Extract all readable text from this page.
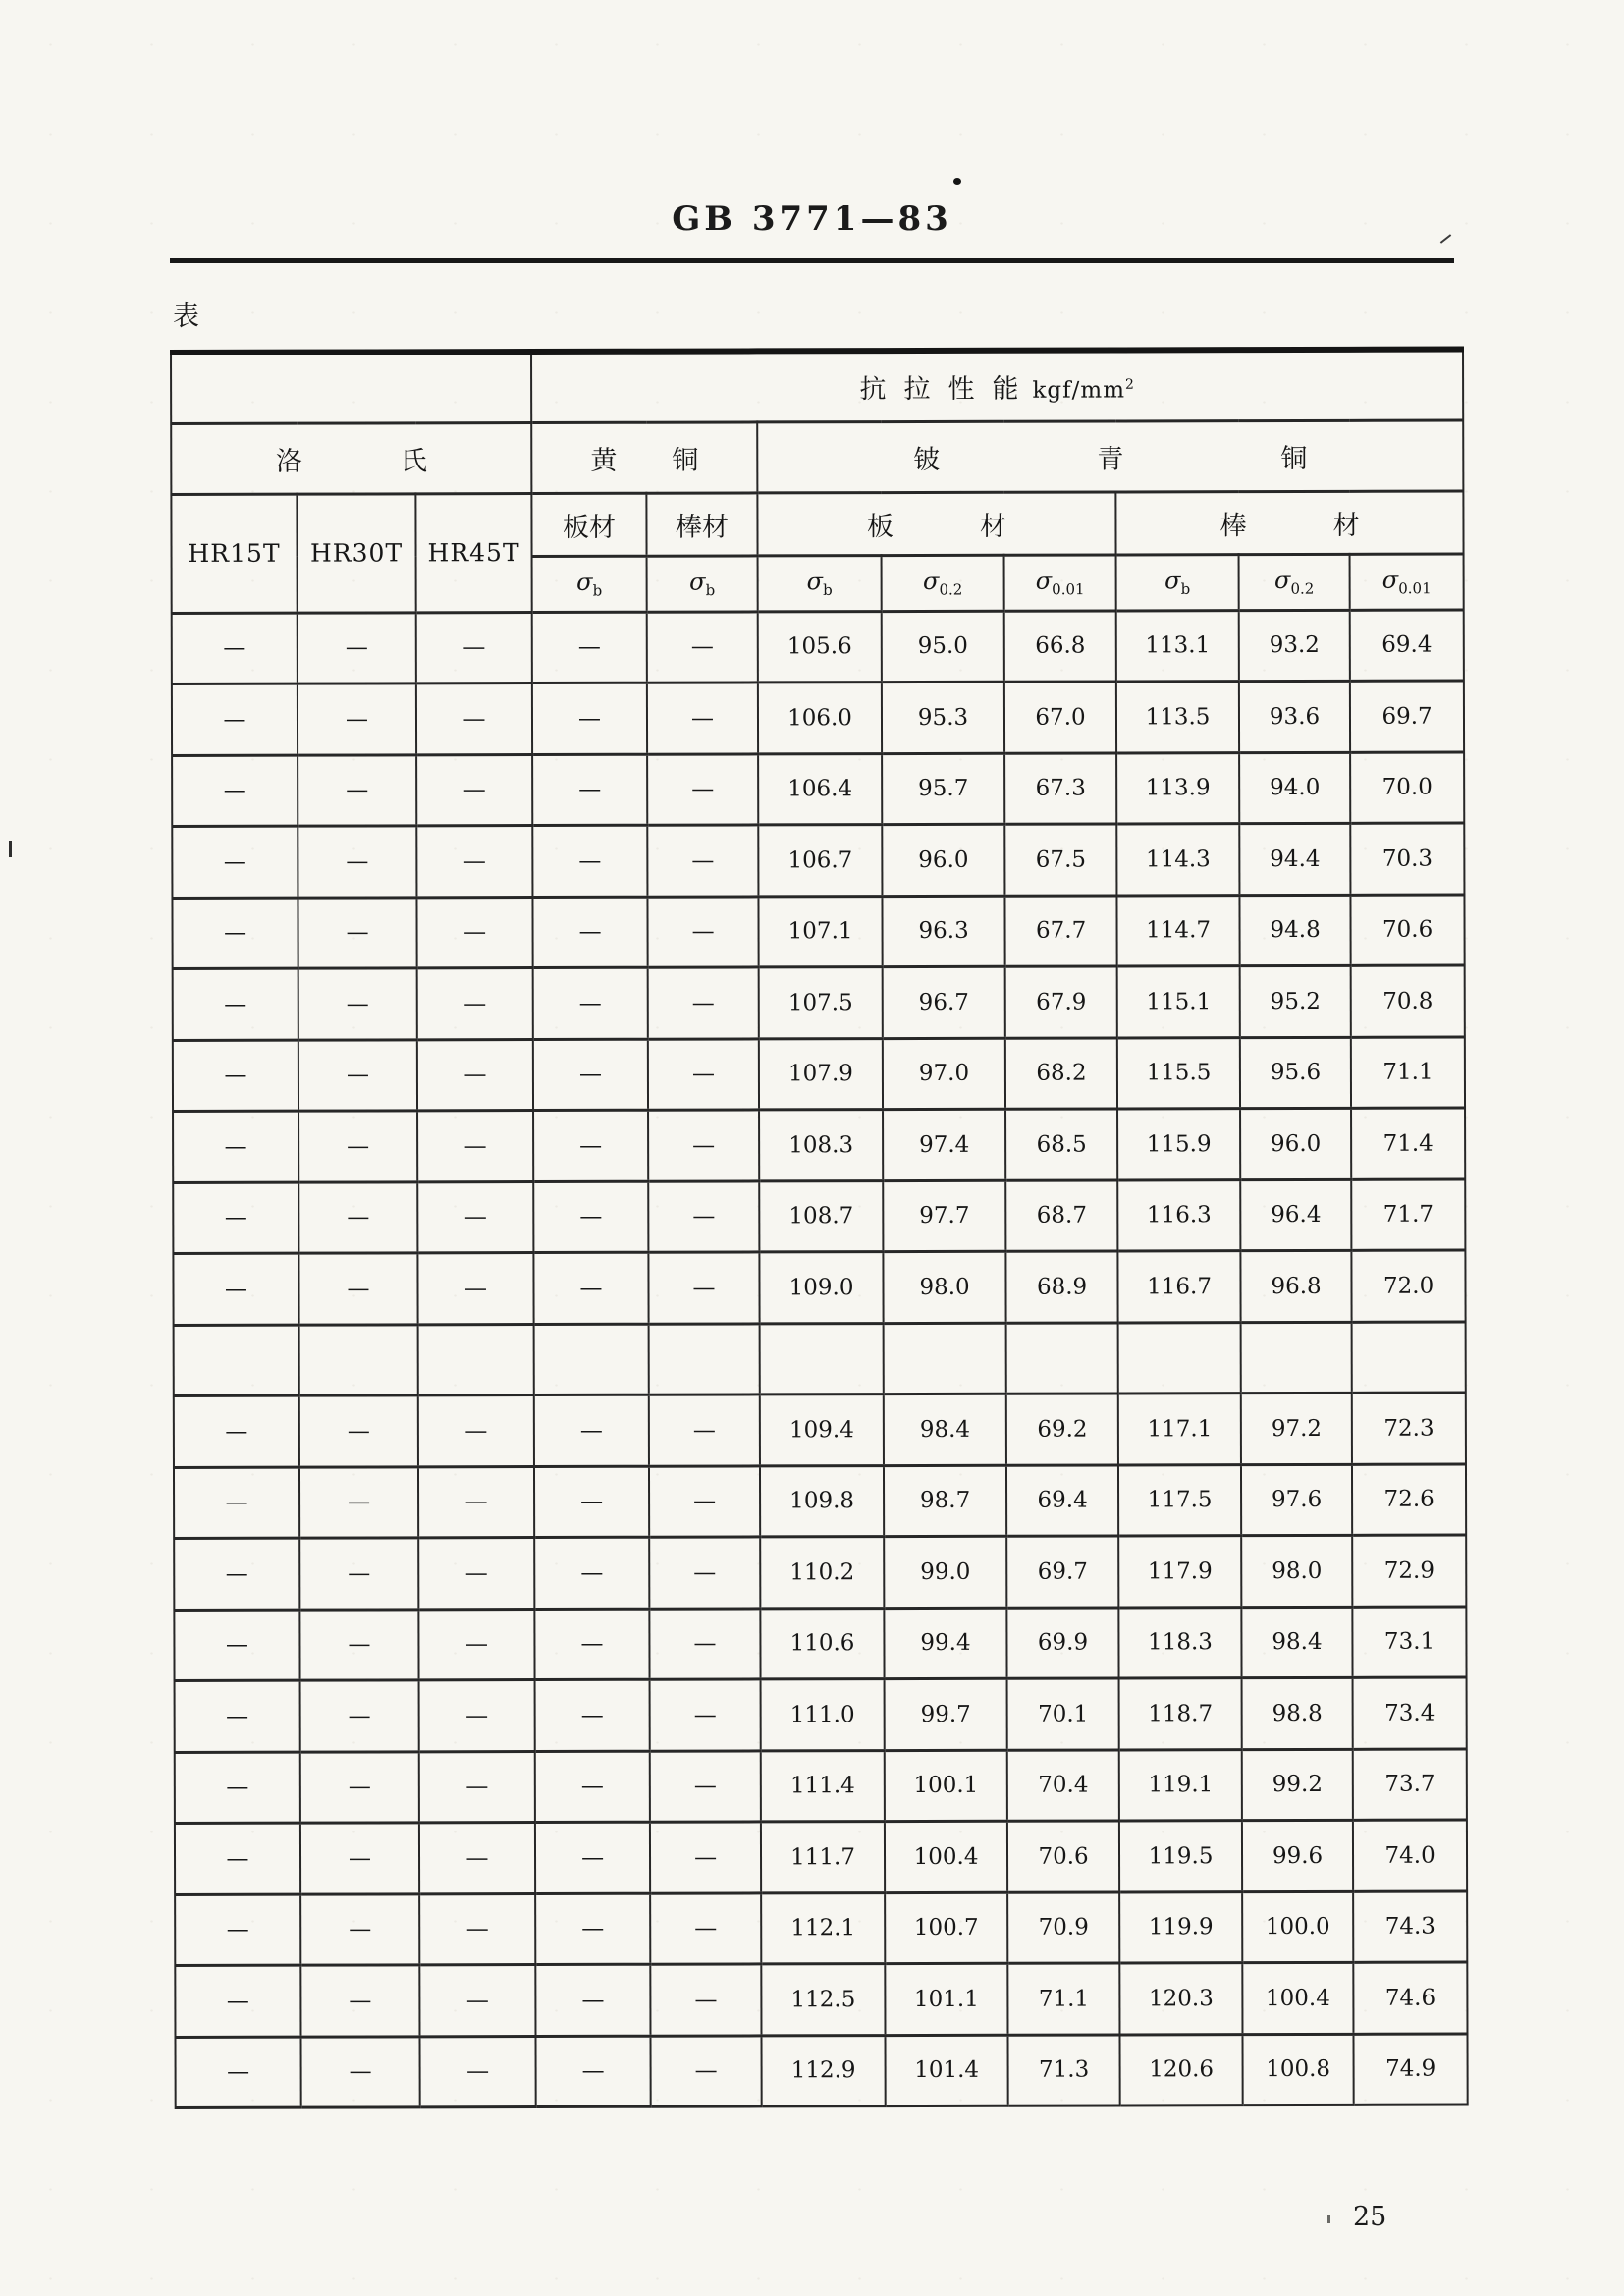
GB 3771—83
表
			抗拉性能kgf/$mm^2$
洛氏			黄铜		铍青铜					
HR15T	HR30T	HR45T	板材	棒材	板材			棒材		
			$\sigma_b$	$\sigma_b$	$\sigma_b$	$\sigma_{0.2}$	$\sigma_{0.01}$	$\sigma_b$	$\sigma_{0.2}$	$\sigma_{0.01}$
—	—	—	—	—	105.6	95.0	66.8	113.1	93.2	69.4
—	—	—	—	—	106.0	95.3	67.0	113.5	93.6	69.7
—	—	—	—	—	106.4	95.7	67.3	113.9	94.0	70.0
—	—	—	—	—	106.7	96.0	67.5	114.3	94.4	70.3
—	—	—	—	—	107.1	96.3	67.7	114.7	94.8	70.6
—	—	—	—	—	107.5	96.7	67.9	115.1	95.2	70.8
—	—	—	—	—	107.9	97.0	68.2	115.5	95.6	71.1
—	—	—	—	—	108.3	97.4	68.5	115.9	96.0	71.4
—	—	—	—	—	108.7	97.7	68.7	116.3	96.4	71.7
—	—	—	—	—	109.0	98.0	68.9	116.7	96.8	72.0

—	—	—	—	—	109.4	98.4	69.2	117.1	97.2	72.3
—	—	—	—	—	109.8	98.7	69.4	117.5	97.6	72.6
—	—	—	—	—	110.2	99.0	69.7	117.9	98.0	72.9
—	—	—	—	—	110.6	99.4	69.9	118.3	98.4	73.1
—	—	—	—	—	111.0	99.7	70.1	118.7	98.8	73.4
—	—	—	—	—	111.4	100.1	70.4	119.1	99.2	73.7
—	—	—	—	—	111.7	100.4	70.6	119.5	99.6	74.0
—	—	—	—	—	112.1	100.7	70.9	119.9	100.0	74.3
—	—	—	—	—	112.5	101.1	71.1	120.3	100.4	74.6
—	—	—	—	—	112.9	101.4	71.3	120.6	100.8	74.9
25
